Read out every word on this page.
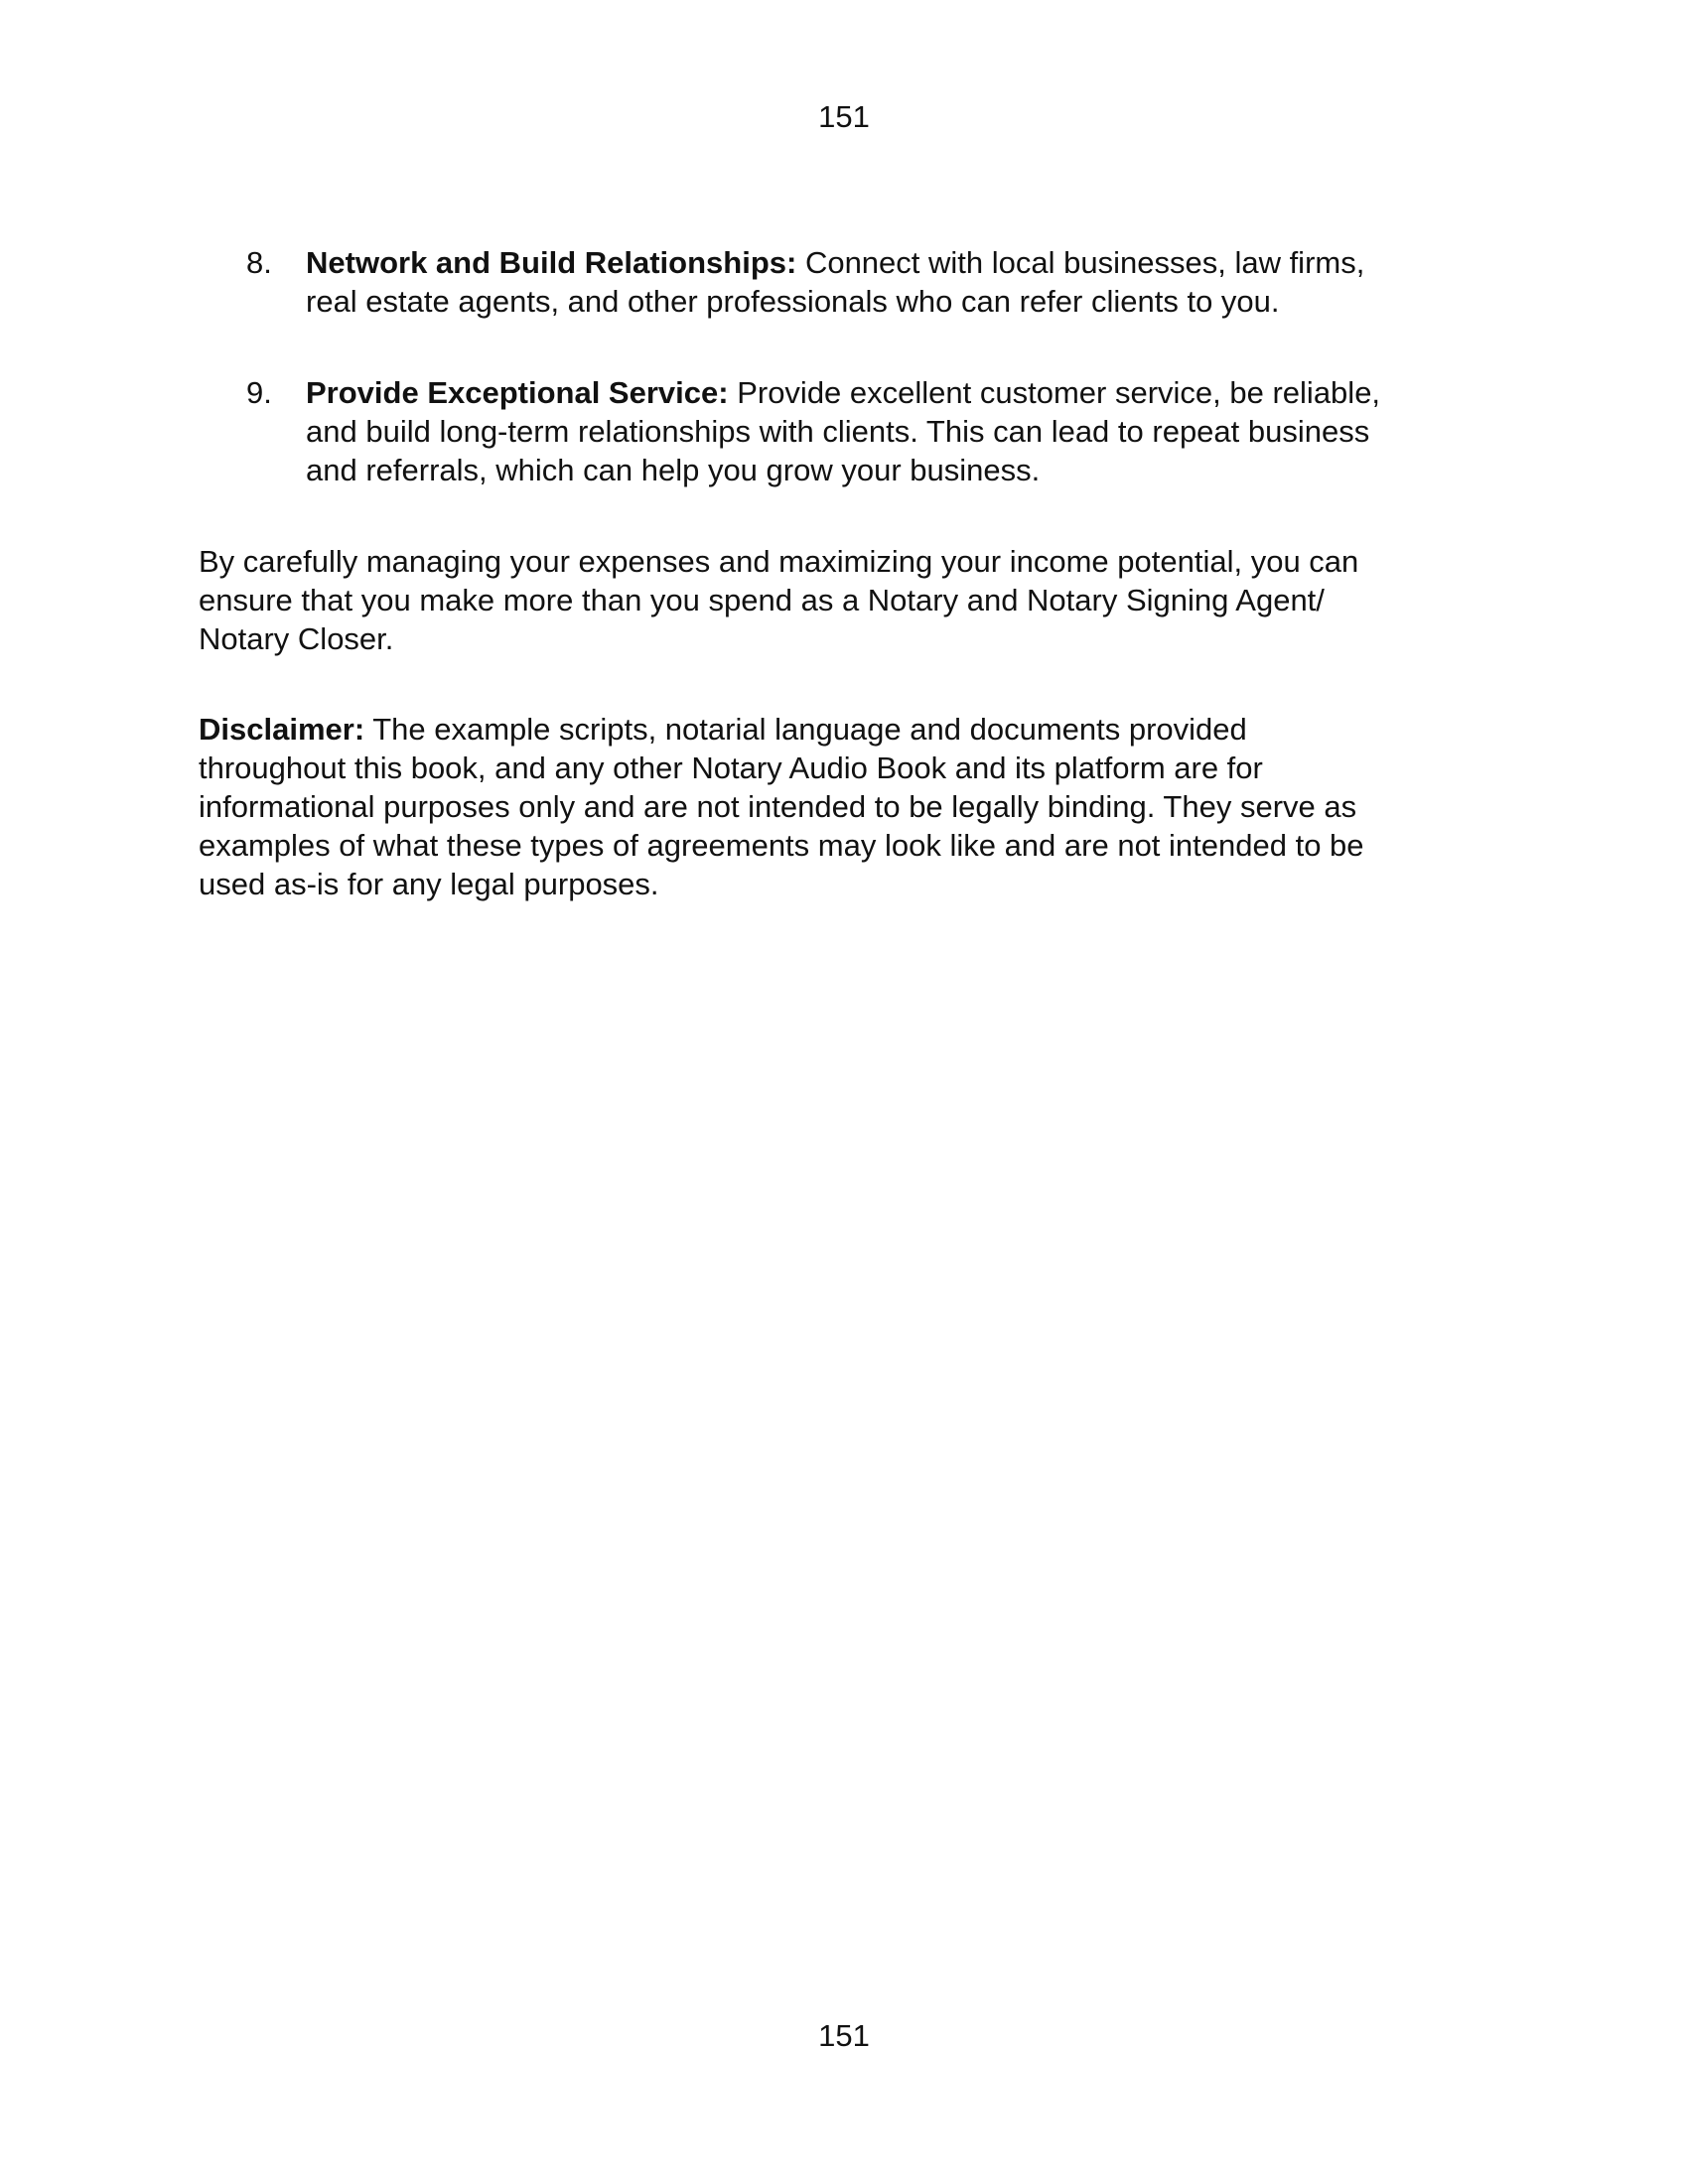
151
8.	Network and Build Relationships: Connect with local businesses, law firms,
real estate agents, and other professionals who can refer clients to you.
9.	Provide Exceptional Service: Provide excellent customer service, be reliable,
and build long-term relationships with clients. This can lead to repeat business
and referrals, which can help you grow your business.
By carefully managing your expenses and maximizing your income potential, you can
ensure that you make more than you spend as a Notary and Notary Signing Agent/
Notary Closer.
Disclaimer: The example scripts, notarial language and documents provided
throughout this book, and any other Notary Audio Book and its platform are for
informational purposes only and are not intended to be legally binding. They serve as
examples of what these types of agreements may look like and are not intended to be
used as-is for any legal purposes.
151
